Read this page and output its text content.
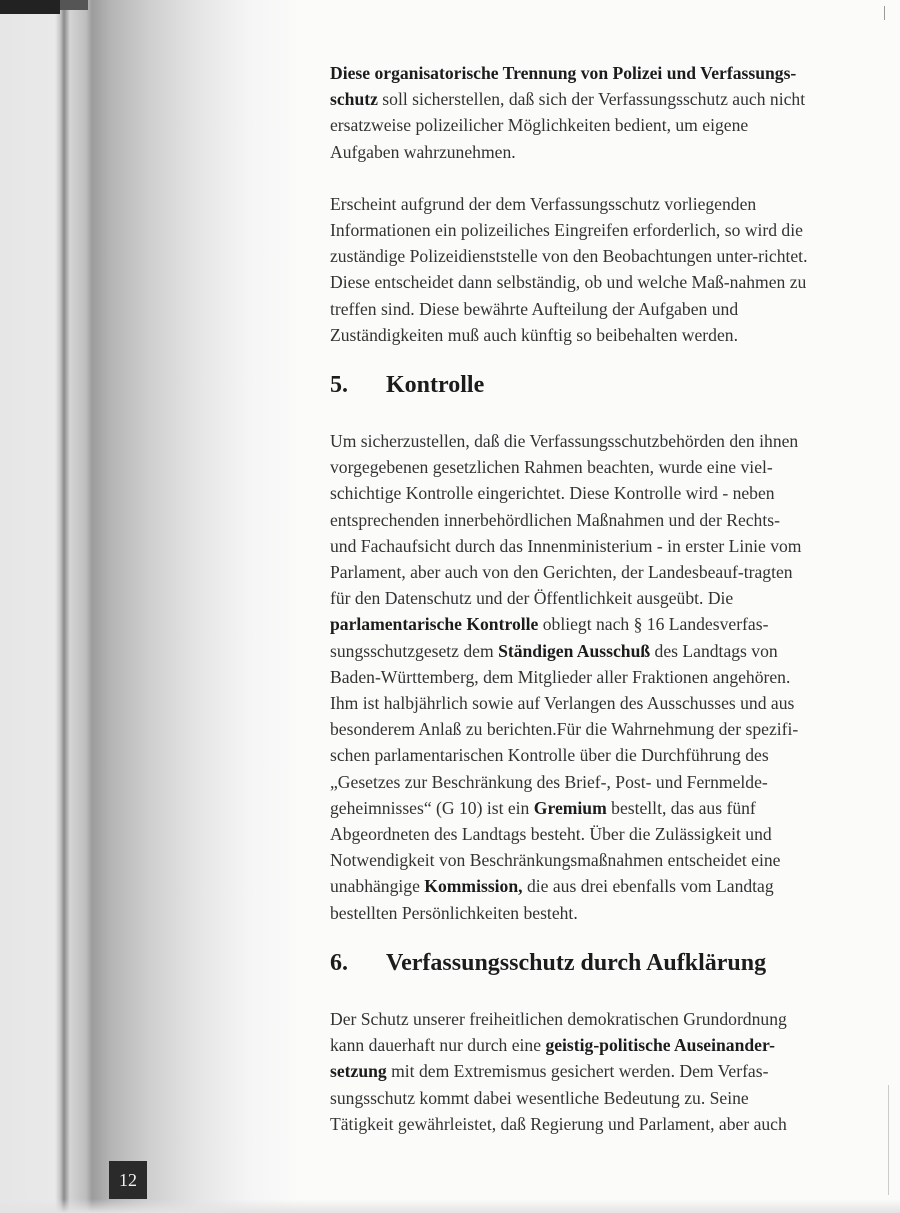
Diese organisatorische Trennung von Polizei und Verfassungs-schutz soll sicherstellen, daß sich der Verfassungsschutz auch nicht ersatzweise polizeilicher Möglichkeiten bedient, um eigene Aufgaben wahrzunehmen.

Erscheint aufgrund der dem Verfassungsschutz vorliegenden Informationen ein polizeiliches Eingreifen erforderlich, so wird die zuständige Polizeidienststelle von den Beobachtungen unter-richtet. Diese entscheidet dann selbständig, ob und welche Maß-nahmen zu treffen sind. Diese bewährte Aufteilung der Aufgaben und Zuständigkeiten muß auch künftig so beibehalten werden.

5.	Kontrolle

Um sicherzustellen, daß die Verfassungsschutzbehörden den ihnen vorgegebenen gesetzlichen Rahmen beachten, wurde eine viel-schichtige Kontrolle eingerichtet. Diese Kontrolle wird - neben entsprechenden innerbehördlichen Maßnahmen und der Rechts- und Fachaufsicht durch das Innenministerium - in erster Linie vom Parlament, aber auch von den Gerichten, der Landesbeauf-tragten für den Datenschutz und der Öffentlichkeit ausgeübt. Die parlamentarische Kontrolle obliegt nach § 16 Landesverfas-sungsschutzgesetz dem Ständigen Ausschuß des Landtags von Baden-Württemberg, dem Mitglieder aller Fraktionen angehören. Ihm ist halbjährlich sowie auf Verlangen des Ausschusses und aus besonderem Anlaß zu berichten.Für die Wahrnehmung der spezifi-schen parlamentarischen Kontrolle über die Durchführung des „Gesetzes zur Beschränkung des Brief-, Post- und Fernmelde-geheimnisses“ (G 10) ist ein Gremium bestellt, das aus fünf Abgeordneten des Landtags besteht. Über die Zulässigkeit und Notwendigkeit von Beschränkungsmaßnahmen entscheidet eine unabhängige Kommission, die aus drei ebenfalls vom Landtag bestellten Persönlichkeiten besteht.

6.	Verfassungsschutz durch Aufklärung

Der Schutz unserer freiheitlichen demokratischen Grundordnung kann dauerhaft nur durch eine geistig-politische Auseinander-setzung mit dem Extremismus gesichert werden. Dem Verfas-sungsschutz kommt dabei wesentliche Bedeutung zu. Seine Tätigkeit gewährleistet, daß Regierung und Parlament, aber auch

12
